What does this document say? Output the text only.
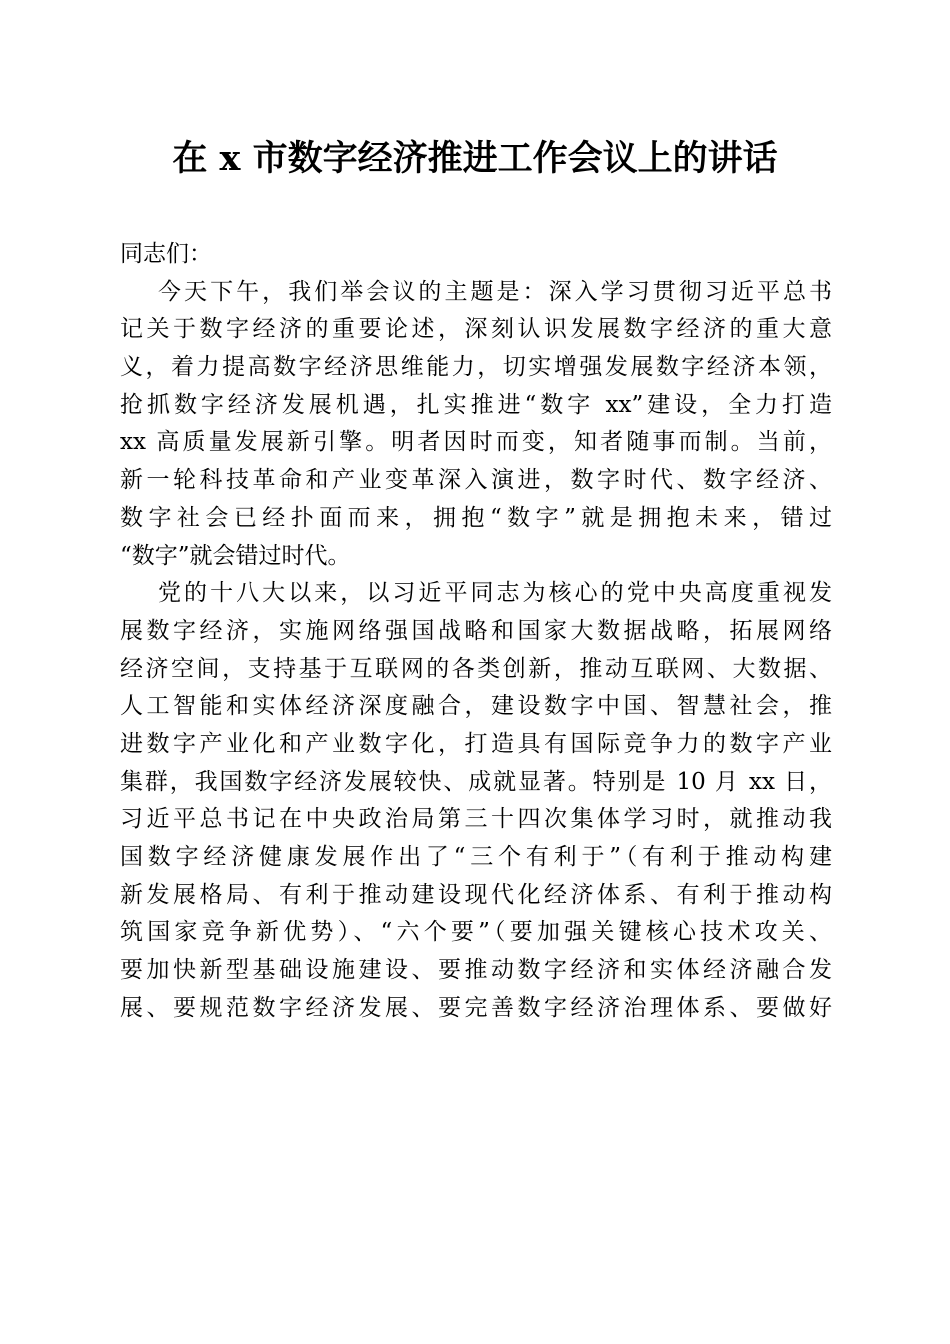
在 x 市数字经济推进工作会议上的讲话

同志们：

今天下午，我们举会议的主题是：深入学习贯彻习近平总书
记关于数字经济的重要论述，深刻认识发展数字经济的重大意
义，着力提高数字经济思维能力，切实增强发展数字经济本领，
抢抓数字经济发展机遇，扎实推进“数字 xx”建设，全力打造
xx 高质量发展新引擎。明者因时而变，知者随事而制。当前，
新一轮科技革命和产业变革深入演进，数字时代、数字经济、
数字社会已经扑面而来，拥抱“数字”就是拥抱未来，错过
“数字”就会错过时代。
党的十八大以来，以习近平同志为核心的党中央高度重视发
展数字经济，实施网络强国战略和国家大数据战略，拓展网络
经济空间，支持基于互联网的各类创新，推动互联网、大数据、
人工智能和实体经济深度融合，建设数字中国、智慧社会，推
进数字产业化和产业数字化，打造具有国际竞争力的数字产业
集群，我国数字经济发展较快、成就显著。特别是 10 月 xx 日，
习近平总书记在中央政治局第三十四次集体学习时，就推动我
国数字经济健康发展作出了“三个有利于”（有利于推动构建
新发展格局、有利于推动建设现代化经济体系、有利于推动构
筑国家竞争新优势）、“六个要”（要加强关键核心技术攻关、
要加快新型基础设施建设、要推动数字经济和实体经济融合发
展、要规范数字经济发展、要完善数字经济治理体系、要做好
